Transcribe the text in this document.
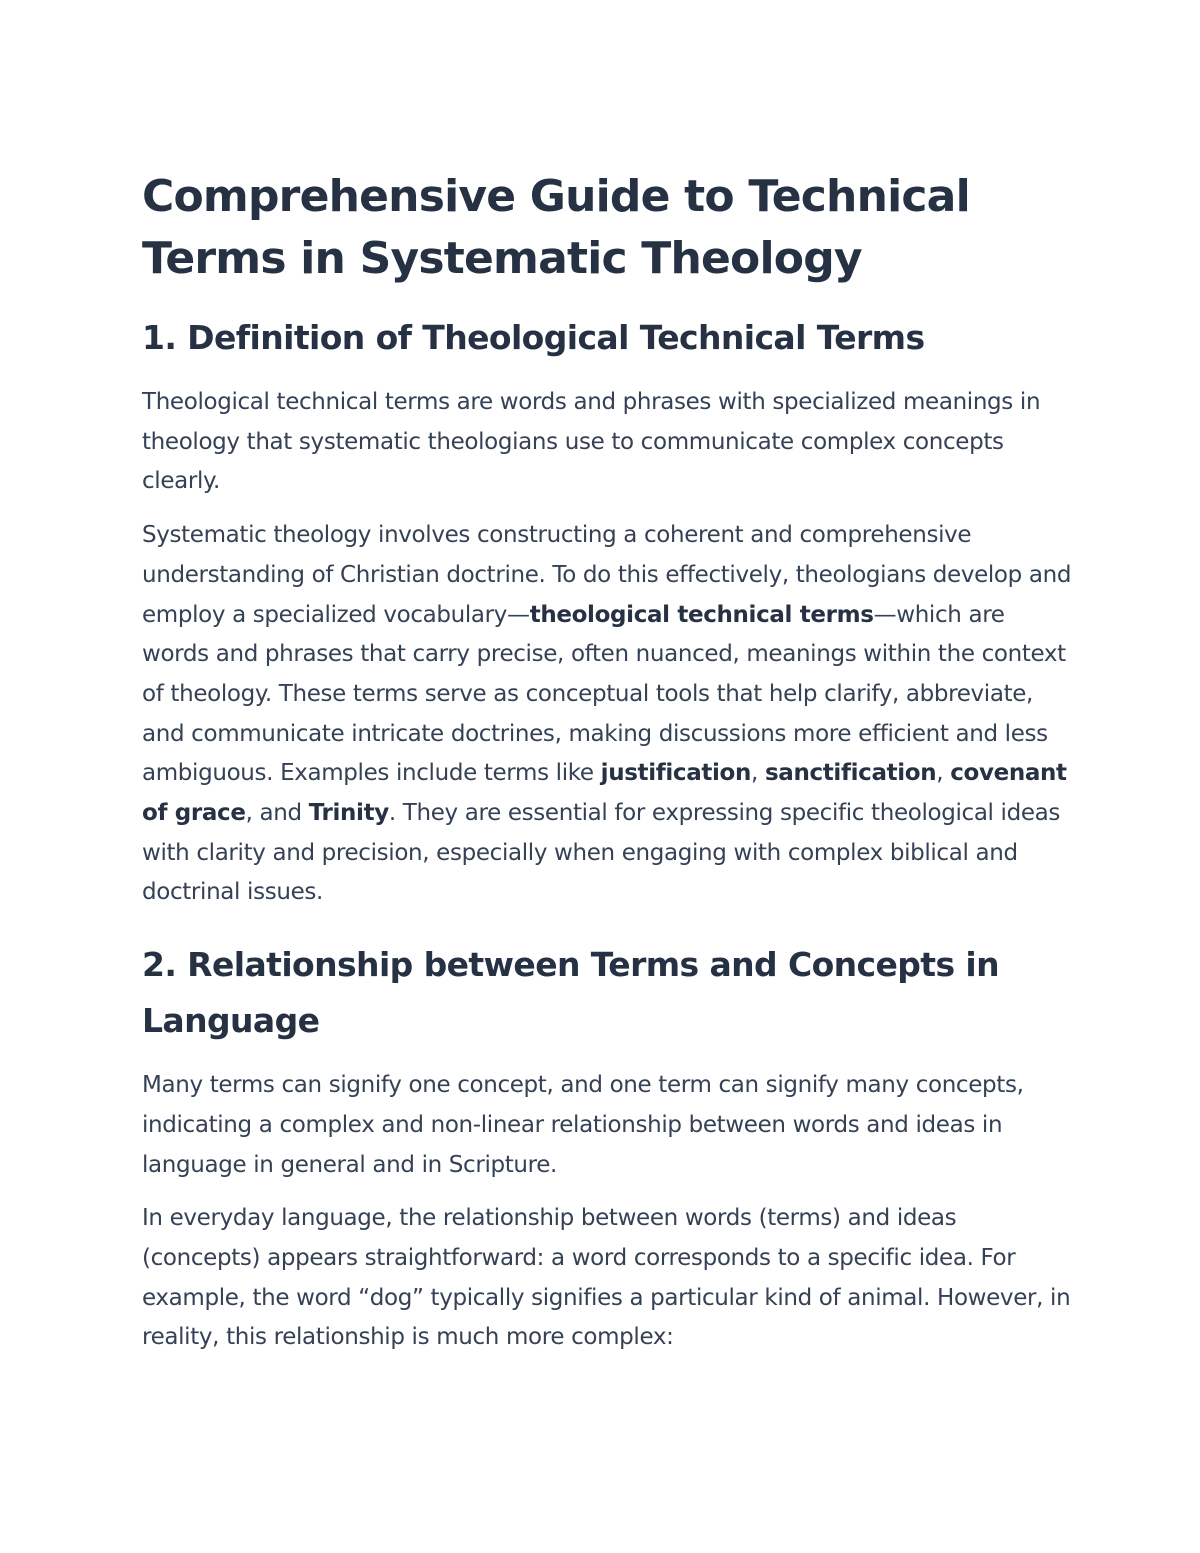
Comprehensive Guide to Technical Terms in Systematic Theology
1. Definition of Theological Technical Terms

Theological technical terms are words and phrases with specialized meanings in theology that systematic theologians use to communicate complex concepts clearly.

Systematic theology involves constructing a coherent and comprehensive understanding of Christian doctrine. To do this effectively, theologians develop and employ a specialized vocabulary—theological technical terms—which are words and phrases that carry precise, often nuanced, meanings within the context of theology. These terms serve as conceptual tools that help clarify, abbreviate, and communicate intricate doctrines, making discussions more efficient and less ambiguous. Examples include terms like justification, sanctification, covenant of grace, and Trinity. They are essential for expressing specific theological ideas with clarity and precision, especially when engaging with complex biblical and doctrinal issues.

2. Relationship between Terms and Concepts in Language

Many terms can signify one concept, and one term can signify many concepts, indicating a complex and non-linear relationship between words and ideas in language in general and in Scripture.

In everyday language, the relationship between words (terms) and ideas (concepts) appears straightforward: a word corresponds to a specific idea. For example, the word “dog” typically signifies a particular kind of animal. However, in reality, this relationship is much more complex:
